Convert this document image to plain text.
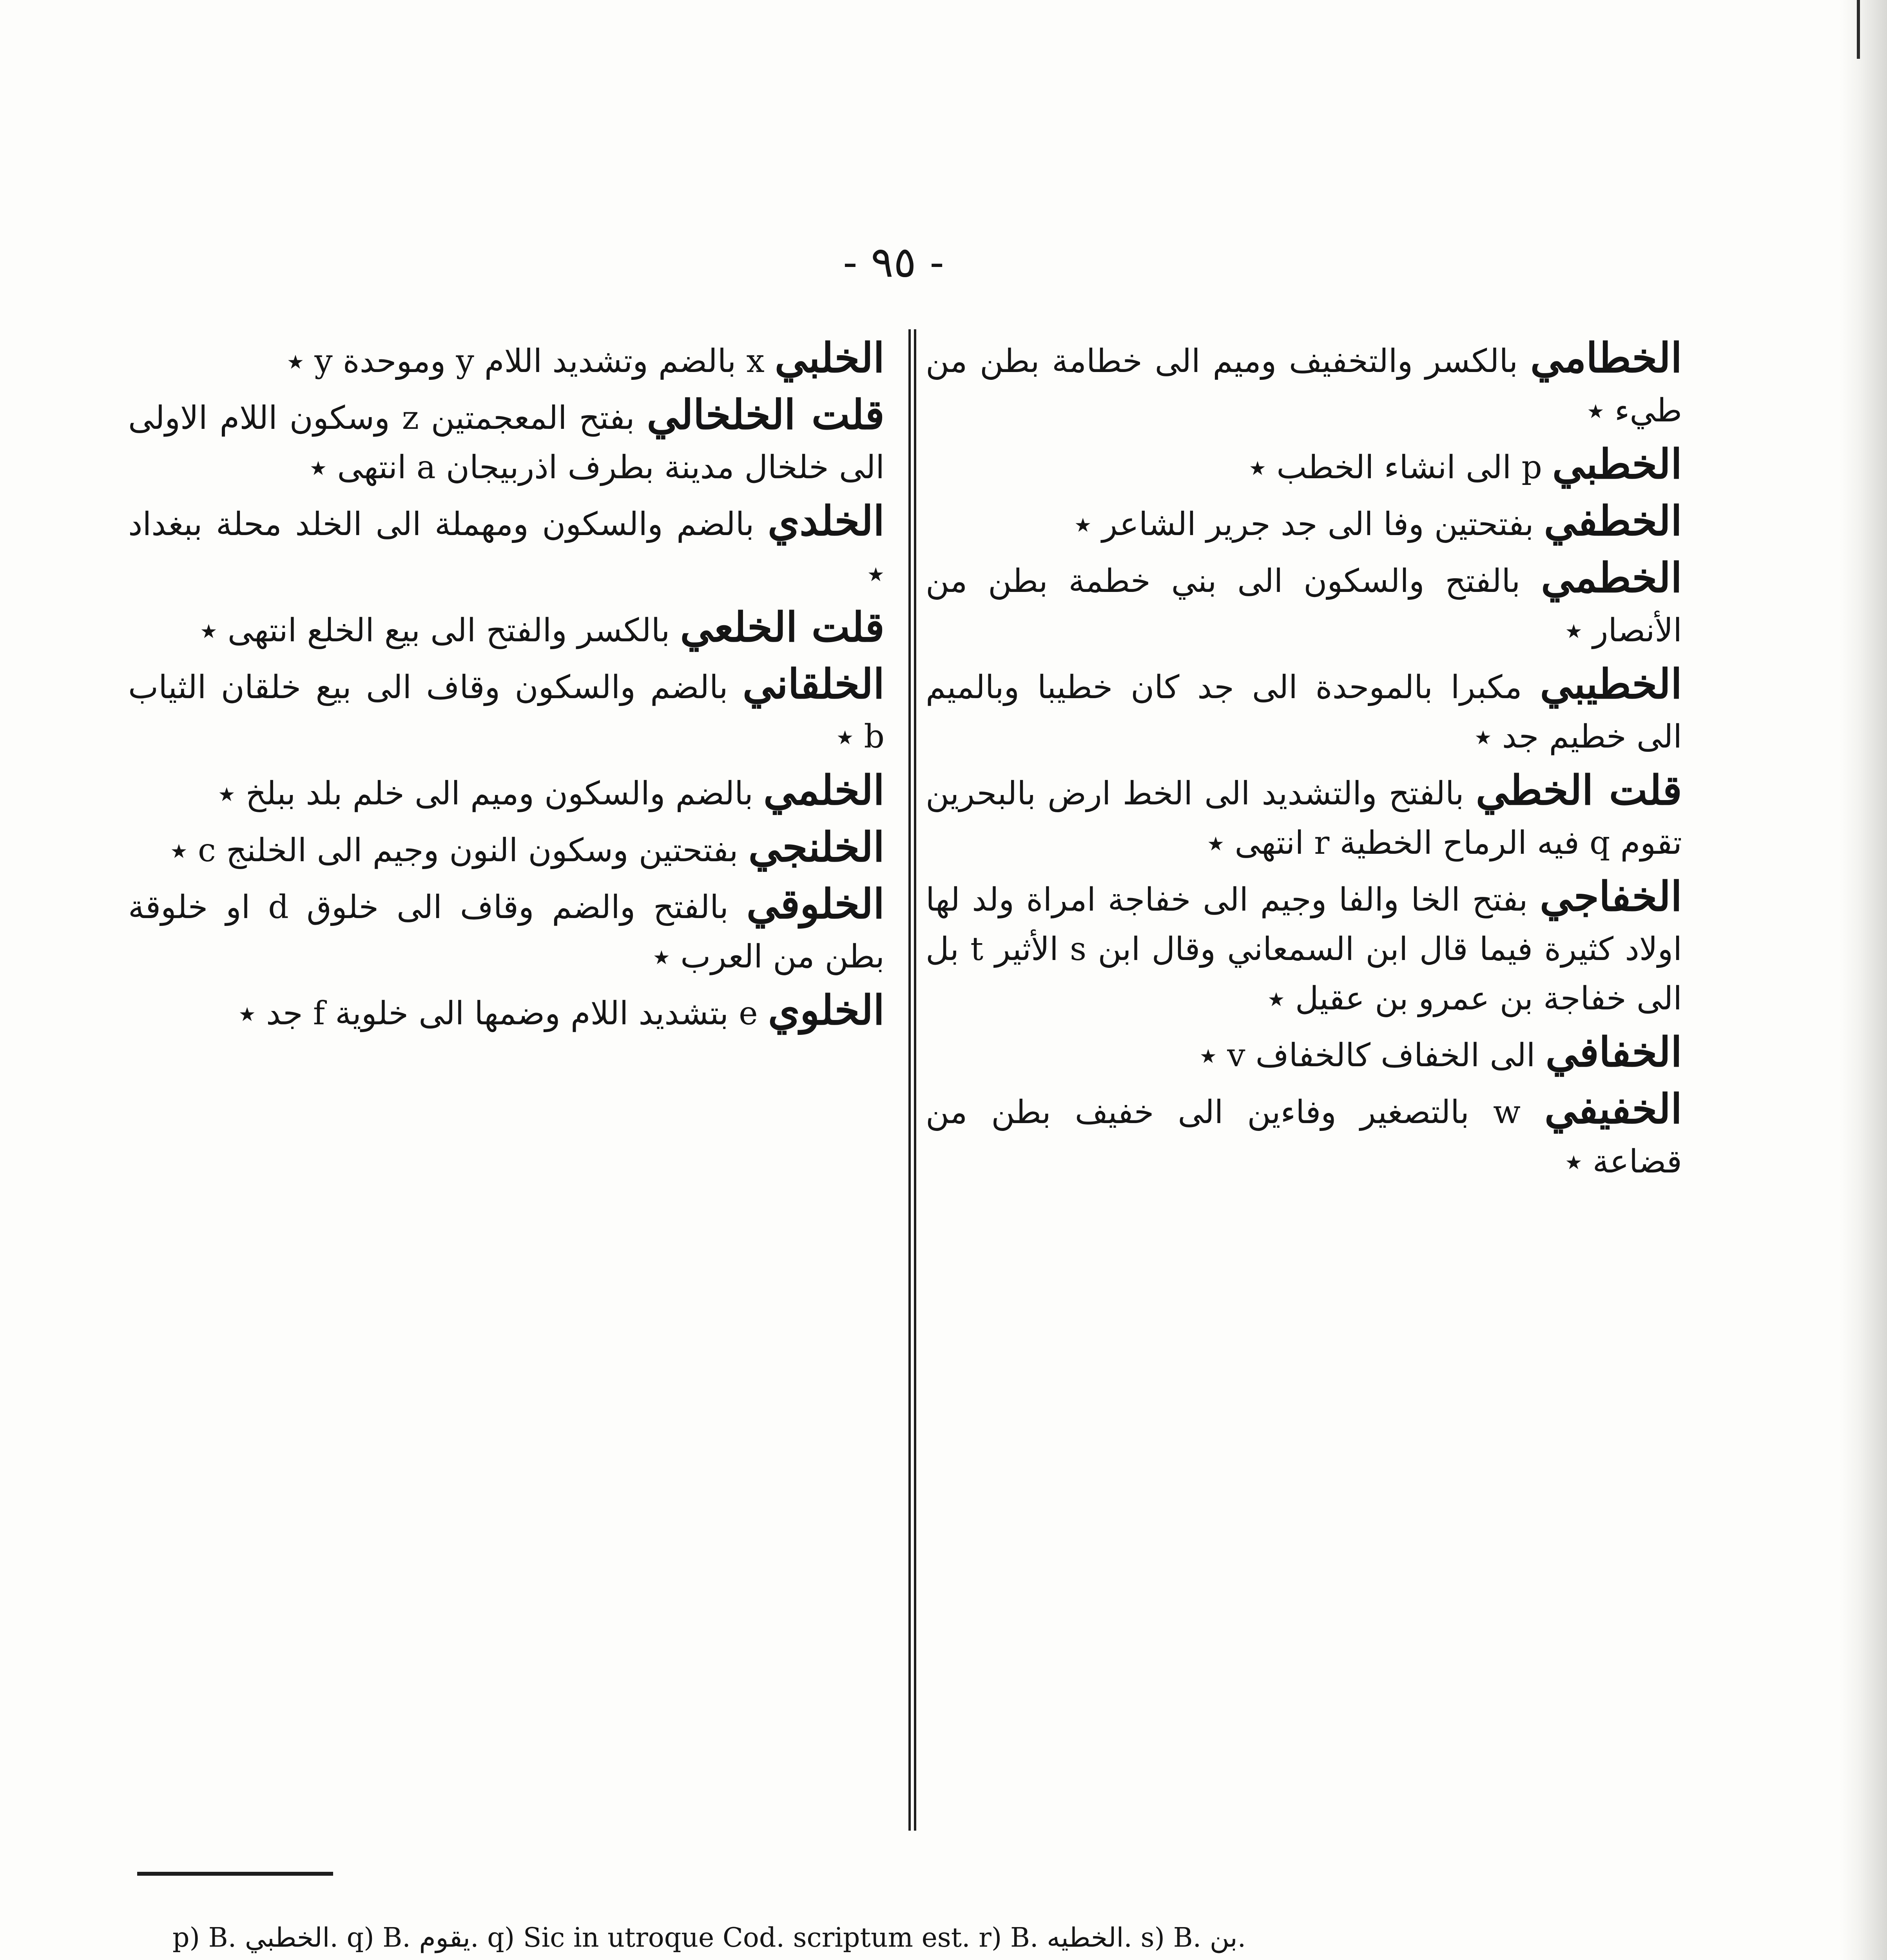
- ٩٥ -

الخطامي بالكسر والتخفيف وميم الى خطامة بطن من طيء ٭

الخطبي p الى انشاء الخطب ٭

الخطفي بفتحتين وفا الى جد جرير الشاعر ٭

الخطمي بالفتح والسكون الى بني خطمة بطن من الأنصار ٭

الخطيبي مكبرا بالموحدة الى جد كان خطيبا وبالميم الى خطيم جد ٭

قلت الخطي بالفتح والتشديد الى الخط ارض بالبحرين تقوم q فيه الرماح الخطية r انتهى ٭

الخفاجي بفتح الخا والفا وجيم الى خفاجة امراة ولد لها اولاد كثيرة فيما قال ابن السمعاني وقال ابن s الأثير t بل الى خفاجة بن عمرو بن عقيل ٭

الخفافي الى الخفاف كالخفاف v ٭

الخفيفي w بالتصغير وفاءين الى خفيف بطن من قضاعة ٭

الخلبي x بالضم وتشديد اللام y وموحدة y ٭

قلت الخلخالي بفتح المعجمتين z وسكون اللام الاولى الى خلخال مدينة بطرف اذربيجان a انتهى ٭

الخلدي بالضم والسكون ومهملة الى الخلد محلة ببغداد ٭

قلت الخلعي بالكسر والفتح الى بيع الخلع انتهى ٭

الخلقاني بالضم والسكون وقاف الى بيع خلقان الثياب b ٭

الخلمي بالضم والسكون وميم الى خلم بلد ببلخ ٭

الخلنجي بفتحتين وسكون النون وجيم الى الخلنج c ٭

الخلوقي بالفتح والضم وقاف الى خلوق d او خلوقة بطن من العرب ٭

الخلوي e بتشديد اللام وضمها الى خلوية f جد ٭

p) B. الخطبي. q) B. يقوم. q) Sic in utroque Cod. scriptum est. r) B. الخطيه. s) B. بن.
